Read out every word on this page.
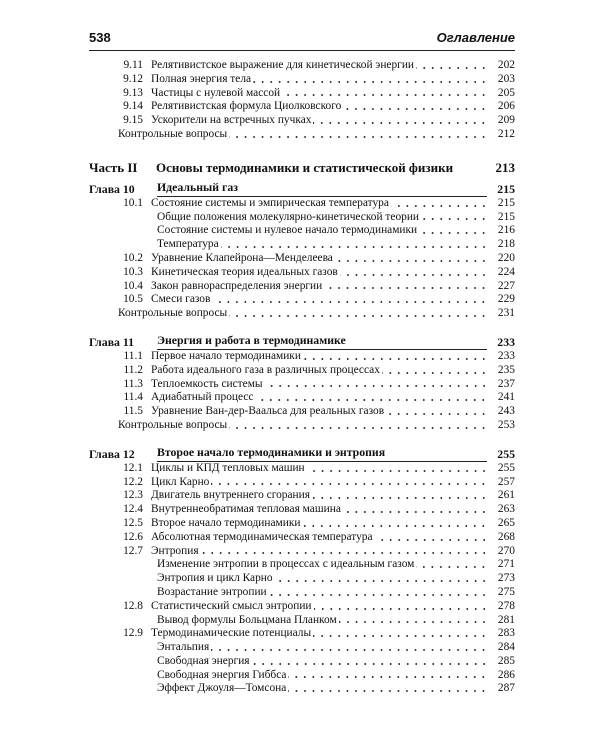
538	Оглавление
9.11 Релятивистское выражение для кинетической энергии	202
9.12 Полная энергия тела	203
9.13 Частицы с нулевой массой	205
9.14 Релятивистская формула Циолковского	206
9.15 Ускорители на встречных пучках	209
Контрольные вопросы	212
Часть II	Основы термодинамики и статистической физики	213
Глава 10	Идеальный газ	215
10.1 Состояние системы и эмпирическая температура	215
Общие положения молекулярно-кинетической теории	215
Состояние системы и нулевое начало термодинамики	216
Температура	218
10.2 Уравнение Клапейрона—Менделеева	220
10.3 Кинетическая теория идеальных газов	224
10.4 Закон равнораспределения энергии	227
10.5 Смеси газов	229
Контрольные вопросы	231
Глава 11	Энергия и работа в термодинамике	233
11.1 Первое начало термодинамики	233
11.2 Работа идеального газа в различных процессах	235
11.3 Теплоемкость системы	237
11.4 Адиабатный процесс	241
11.5 Уравнение Ван-дер-Ваальса для реальных газов	243
Контрольные вопросы	253
Глава 12	Второе начало термодинамики и энтропия	255
12.1 Циклы и КПД тепловых машин	255
12.2 Цикл Карно	257
12.3 Двигатель внутреннего сгорания	261
12.4 Внутреннеобратимая тепловая машина	263
12.5 Второе начало термодинамики	265
12.6 Абсолютная термодинамическая температура	268
12.7 Энтропия	270
Изменение энтропии в процессах с идеальным газом	271
Энтропия и цикл Карно	273
Возрастание энтропии	275
12.8 Статистический смысл энтропии	278
Вывод формулы Больцмана Планком	281
12.9 Термодинамические потенциалы	283
Энтальпия	284
Свободная энергия	285
Свободная энергия Гиббса	286
Эффект Джоуля—Томсона	287
